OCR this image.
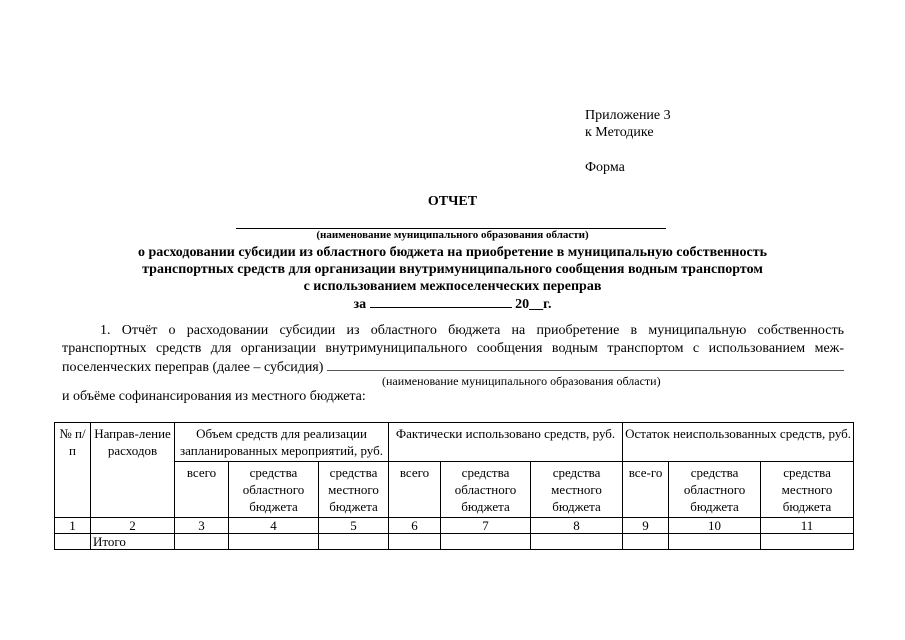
Приложение 3
к Методике
Форма
ОТЧЕТ
(наименование муниципального образования области)
о расходовании субсидии из областного бюджета на приобретение в муниципальную собственность
транспортных средств для организации внутримуниципального сообщения водным транспортом
с использованием межпоселенческих переправ
за	20__г.
1. Отчёт о расходовании субсидии из областного бюджета на приобретение в муниципальную собственность
транспортных средств для организации внутримуниципального сообщения водным транспортом с использованием меж-
поселенческих переправ (далее – субсидия)
(наименование муниципального образования области)
и объёме софинансирования из местного бюджета:
№ п/п	Направ-ление расходов	Объем средств для реализации запланированных мероприятий, руб.			Фактически использовано средств, руб.			Остаток неиспользованных средств, руб.		
		всего	средства областного бюджета	средства местного бюджета	всего	средства областного бюджета	средства местного бюджета	все-го	средства областного бюджета	средства местного бюджета
1	2	3	4	5	6	7	8	9	10	11
	Итого									
